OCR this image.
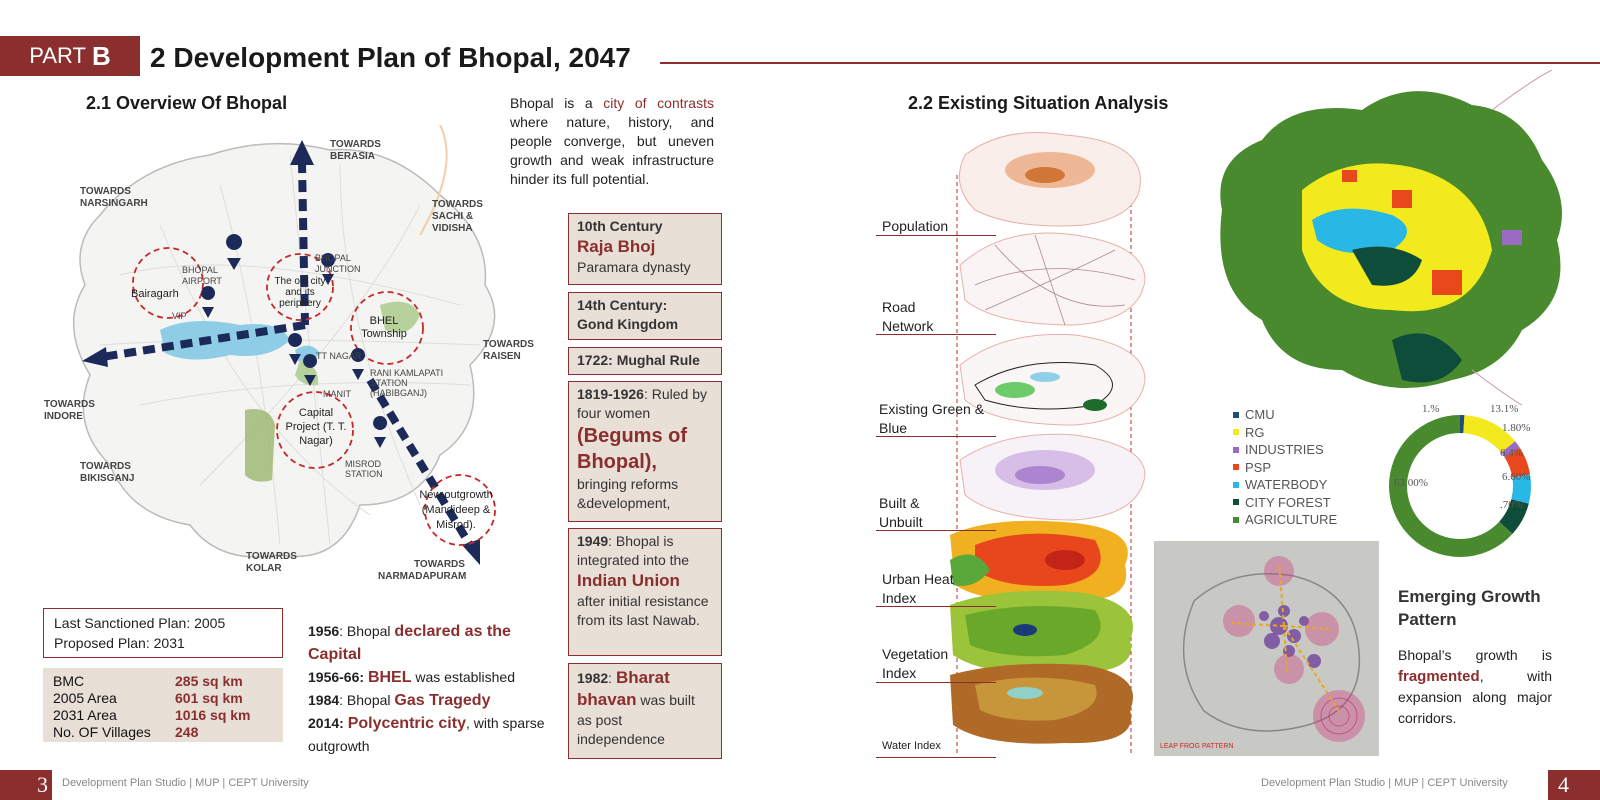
PART B 2 Development Plan of Bhopal, 2047
2.1 Overview Of Bhopal	Bhopal is a city of contrasts where nature, history, and people converge, but uneven growth and weak infrastructure hinder its full potential.
TOWARDS BERASIA
TOWARDS NARSINGARH	TOWARDS SACHI & VIDISHA
TOWARDS RAISEN
TOWARDS INDORE
TOWARDS BIKISGANJ
TOWARDS KOLAR	TOWARDS NARMADAPURAM
BHOPAL AIRPORT
BHOPAL JUNCTION
VIP
TT NAGAR
RANI KAMLAPATI STATION (HABIBGANJ)
MANIT
MISROD STATION
Bairagarh
The old city and its periphery
BHEL Township
Capital Project (T. T. Nagar)
New outgrowth (Mandideep & Misrod).
Last Sanctioned Plan: 2005
Proposed Plan: 2031
BMC	285 sq km
2005 Area	601 sq km
2031 Area	1016 sq km
No. OF Villages	248
1956: Bhopal declared as the Capital
1956-66: BHEL was established
1984: Bhopal Gas Tragedy
2014: Polycentric city, with sparse outgrowth
10th Century
Raja Bhoj
Paramara dynasty
14th Century:
Gond Kingdom
1722: Mughal Rule
1819-1926: Ruled by four women
(Begums of Bhopal),
bringing reforms &development,
1949: Bhopal is integrated into the
Indian Union
after initial resistance from its last Nawab.
1982: Bharat bhavan was built as post independence
2.2 Existing Situation Analysis
Population
Road Network
Existing Green & Blue
Built & Unbuilt
Urban Heat Index
Vegetation Index
Water Index
CMU
RG
INDUSTRIES
PSP
WATERBODY
CITY FOREST
AGRICULTURE
1.%	13.1%
1.80%
6.4%
6.60%
.70%
63.00%
LEAP FROG PATTERN
Emerging Growth Pattern
Bhopal’s growth is fragmented, with expansion along major corridors.
3	Development Plan Studio | MUP | CEPT University	Development Plan Studio | MUP | CEPT University	4
